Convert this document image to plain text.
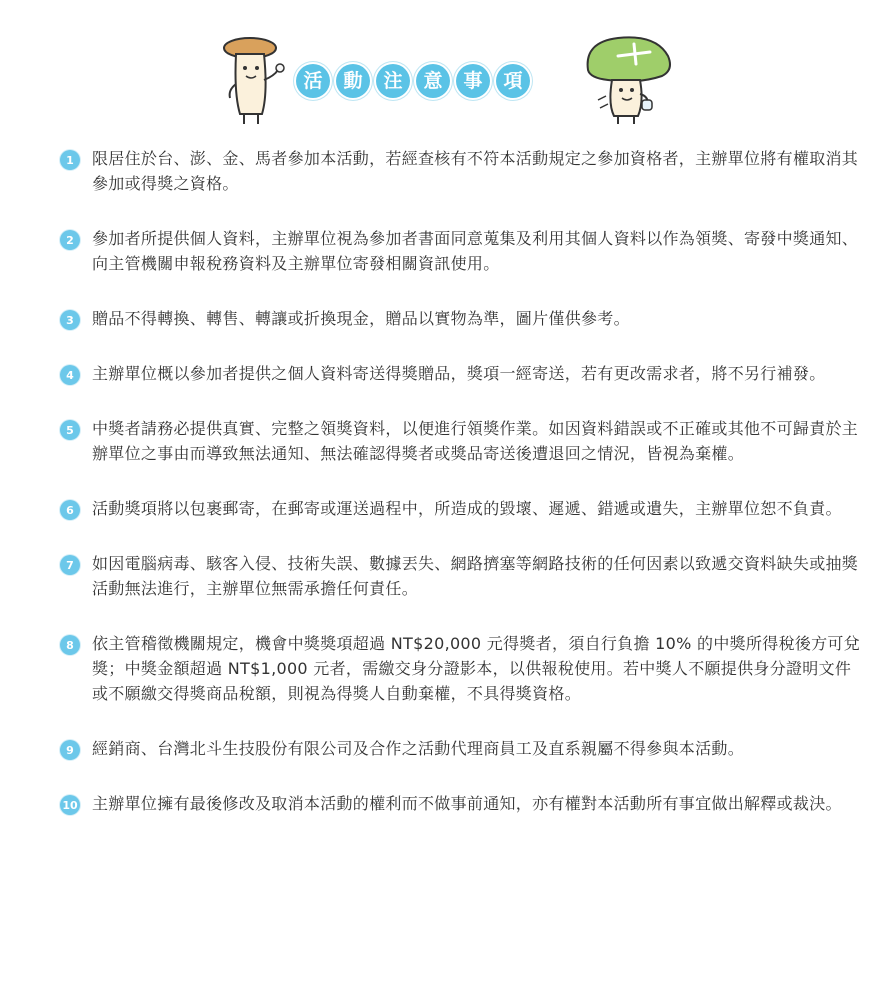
活	動	注	意	事	項
1	限居住於台、澎、金、馬者參加本活動，若經查核有不符本活動規定之參加資格者，主辦單位將有權取消其參加或得獎之資格。
2	參加者所提供個人資料，主辦單位視為參加者書面同意蒐集及利用其個人資料以作為領獎、寄發中獎通知、向主管機關申報稅務資料及主辦單位寄發相關資訊使用。
3	贈品不得轉換、轉售、轉讓或折換現金，贈品以實物為準，圖片僅供參考。
4	主辦單位概以參加者提供之個人資料寄送得獎贈品，獎項一經寄送，若有更改需求者，將不另行補發。
5	中獎者請務必提供真實、完整之領獎資料，以便進行領獎作業。如因資料錯誤或不正確或其他不可歸責於主辦單位之事由而導致無法通知、無法確認得獎者或獎品寄送後遭退回之情況，皆視為棄權。
6	活動獎項將以包裹郵寄，在郵寄或運送過程中，所造成的毀壞、遲遞、錯遞或遺失，主辦單位恕不負責。
7	如因電腦病毒、駭客入侵、技術失誤、數據丟失、網路擠塞等網路技術的任何因素以致遞交資料缺失或抽獎活動無法進行，主辦單位無需承擔任何責任。
8	依主管稽徵機關規定，機會中獎獎項超過 NT$20,000 元得獎者，須自行負擔 10% 的中獎所得稅後方可兌獎；中獎金額超過 NT$1,000 元者，需繳交身分證影本，以供報稅使用。若中獎人不願提供身分證明文件或不願繳交得獎商品稅額，則視為得獎人自動棄權，不具得獎資格。
9	經銷商、台灣北斗生技股份有限公司及合作之活動代理商員工及直系親屬不得參與本活動。
10 主辦單位擁有最後修改及取消本活動的權利而不做事前通知，亦有權對本活動所有事宜做出解釋或裁決。
